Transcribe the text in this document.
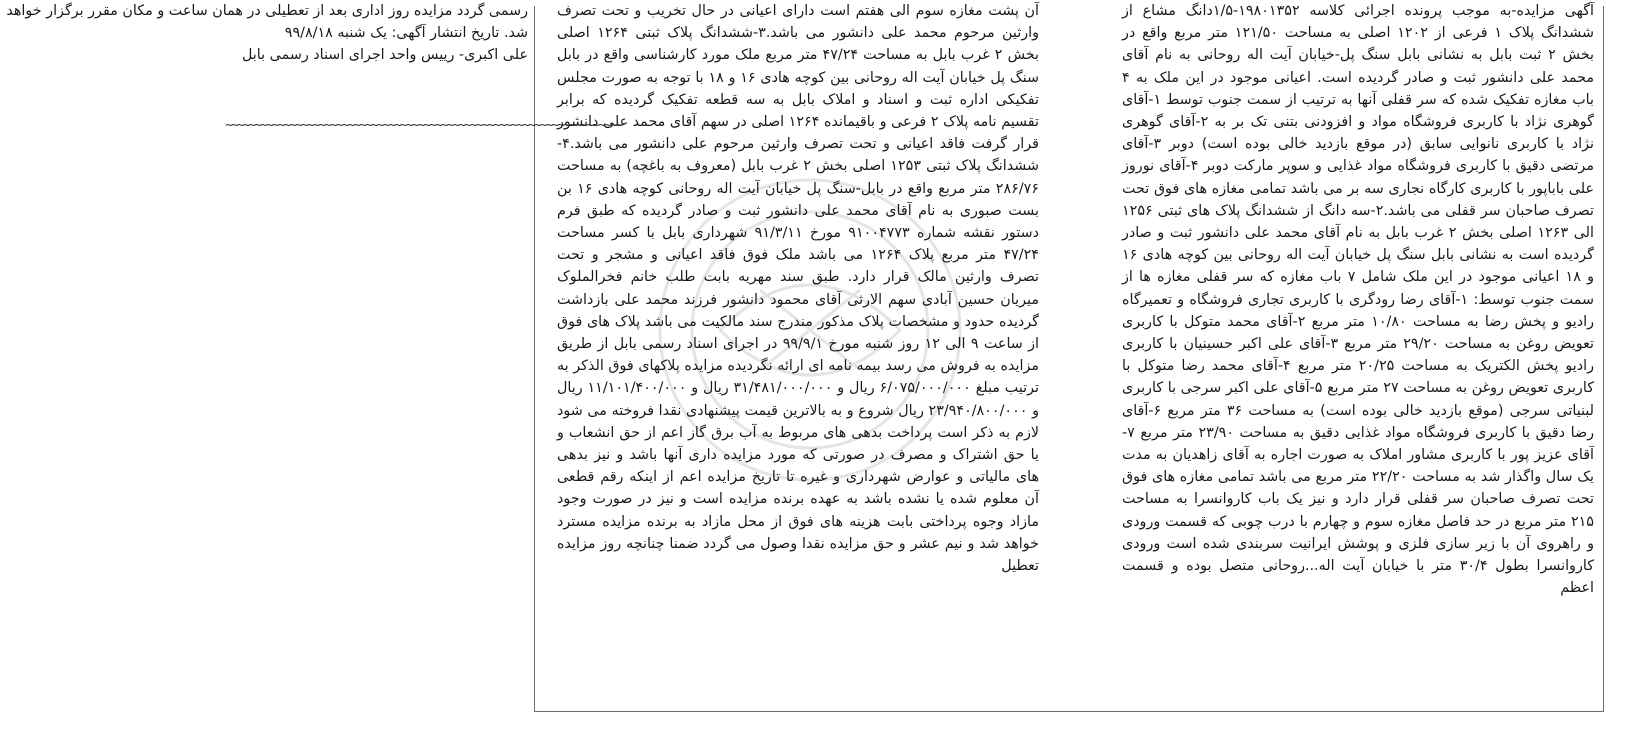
آگهی مزایده-به موجب پرونده اجرائی کلاسه ۱۹۸۰۱۳۵۲-۱/۵دانگ مشاع از ششدانگ پلاک ۱ فرعی از ۱۲۰۲ اصلی به مساحت ۱۲۱/۵۰ متر مربع واقع در بخش ۲ ثبت بابل به نشانی بابل سنگ پل-خیابان آیت اله روحانی به نام آقای محمد علی دانشور ثبت و صادر گردیده است. اعیانی موجود در این ملک به ۴ باب مغازه تفکیک شده که سر قفلی آنها به ترتیب از سمت جنوب توسط ۱-آقای گوهری نژاد با کاربری فروشگاه مواد و افزودنی بتنی تک بر به ۲-آقای گوهری نژاد با کاربری نانوایی سابق (در موقع بازدید خالی بوده است) دوبر ۳-آقای مرتضی دقیق با کاربری فروشگاه مواد غذایی و سوپر مارکت دوبر ۴-آقای نوروز علی باباپور با کاربری کارگاه نجاری سه بر می باشد تمامی مغازه های فوق تحت تصرف صاحبان سر قفلی می باشد.۲-سه دانگ از ششدانگ پلاک های ثبتی ۱۲۵۶ الی ۱۲۶۳ اصلی بخش ۲ غرب بابل به نام آقای محمد علی دانشور ثبت و صادر گردیده است به نشانی بابل سنگ پل خیابان آیت اله روحانی بین کوچه هادی ۱۶ و ۱۸ اعیانی موجود در این ملک شامل ۷ باب مغازه که سر قفلی مغازه ها از سمت جنوب توسط: ۱-آقای رضا رودگری با کاربری تجاری فروشگاه و تعمیرگاه رادیو و پخش رضا به مساحت ۱۰/۸۰ متر مربع ۲-آقای محمد متوکل با کاربری تعویض روغن به مساحت ۲۹/۲۰ متر مربع ۳-آقای علی اکبر حسینیان با کاربری رادیو پخش الکتریک به مساحت ۲۰/۲۵ متر مربع ۴-آقای محمد رضا متوکل با کاربری تعویض روغن به مساحت ۲۷ متر مربع ۵-آقای علی اکبر سرجی با کاربری لبنیاتی سرجی (موقع بازدید خالی بوده است) به مساحت ۳۶ متر مربع ۶-آقای رضا دقیق با کاربری فروشگاه مواد غذایی دقیق به مساحت ۲۳/۹۰ متر مربع ۷-آقای عزیز پور با کاربری مشاور املاک به صورت اجاره به آقای زاهدیان به مدت یک سال واگذار شد به مساحت ۲۲/۲۰ متر مربع می باشد تمامی مغازه های فوق تحت تصرف صاحبان سر قفلی قرار دارد و نیز یک باب کاروانسرا به مساحت ۲۱۵ متر مربع در حد فاصل مغازه سوم و چهارم با درب چوبی که قسمت ورودی و راهروی آن با زیر سازی فلزی و پوشش ایرانیت سربندی شده است ورودی کاروانسرا بطول ۳۰/۴ متر با خیابان آیت اله...روحانی متصل بوده و قسمت اعظم

آن پشت مغازه سوم الی هفتم است دارای اعیانی در حال تخریب و تحت تصرف وارثین مرحوم محمد علی دانشور می باشد.۳-ششدانگ پلاک ثبتی ۱۲۶۴ اصلی بخش ۲ غرب بابل به مساحت ۴۷/۲۴ متر مربع ملک مورد کارشناسی واقع در بابل سنگ پل خیابان آیت اله روحانی بین کوچه هادی ۱۶ و ۱۸ با توجه به صورت مجلس تفکیکی اداره ثبت و اسناد و املاک بابل به سه قطعه تفکیک گردیده که برابر تقسیم نامه پلاک ۲ فرعی و باقیمانده ۱۲۶۴ اصلی در سهم آقای محمد علی دانشور قرار گرفت فاقد اعیانی و تحت تصرف وارثین مرحوم علی دانشور می باشد.۴-ششدانگ پلاک ثبتی ۱۲۵۳ اصلی بخش ۲ غرب بابل (معروف به باغچه) به مساحت ۲۸۶/۷۶ متر مربع واقع در بابل-سنگ پل خیابان آیت اله روحانی کوچه هادی ۱۶ بن بست صبوری به نام آقای محمد علی دانشور ثبت و صادر گردیده که طبق فرم دستور نقشه شماره ۹۱۰۰۴۷۷۳ مورخ ۹۱/۳/۱۱ شهرداری بابل با کسر مساحت ۴۷/۲۴ متر مربع پلاک ۱۲۶۴ می باشد ملک فوق فاقد اعیانی و مشجر و تحت تصرف وارثین مالک قرار دارد. طبق سند مهریه بابت طلب خانم فخرالملوک میریان حسین آبادی سهم الارثی آقای محمود دانشور فرزند محمد علی بازداشت گردیده حدود و مشخصات پلاک مذکور مندرج سند مالکیت می باشد پلاک های فوق از ساعت ۹ الی ۱۲ روز شنبه مورخ ۹۹/۹/۱ در اجرای اسناد رسمی بابل از طریق مزایده به فروش می رسد بیمه نامه ای ارائه نگردیده مزایده پلاکهای فوق الذکر به ترتیب مبلغ ۶/۰۷۵/۰۰۰/۰۰۰ ریال و ۳۱/۴۸۱/۰۰۰/۰۰۰ ریال و ۱۱/۱۰۱/۴۰۰/۰۰۰ ریال و ۲۳/۹۴۰/۸۰۰/۰۰۰ ریال شروع و به بالاترین قیمت پیشنهادی نقدا فروخته می شود لازم به ذکر است پرداخت بدهی های مربوط به آب برق گاز اعم از حق انشعاب و یا حق اشتراک و مصرف در صورتی که مورد مزایده داری آنها باشد و نیز بدهی های مالیاتی و عوارض شهرداری و غیره تا تاریخ مزایده اعم از اینکه رقم قطعی آن معلوم شده یا نشده باشد به عهده برنده مزایده است و نیز در صورت وجود مازاد وجوه پرداختی بابت هزینه های فوق از محل مازاد به برنده مزایده مسترد خواهد شد و نیم عشر و حق مزایده نقدا وصول می گردد ضمنا چنانچه روز مزایده تعطیل

رسمی گردد مزایده روز اداری بعد از تعطیلی در همان ساعت و مکان مقرر برگزار خواهد
شد. تاریخ انتشار آگهی: یک شنبه ۹۹/۸/۱۸
علی اکبری- رییس واحد اجرای اسناد رسمی بابل
~~~~~~~~~~~~~~~~~~~~~~~~~~~~~~~~~~~~~~~~~~~~~~~~~~~~~~~~~~~~~~~~~~~~
